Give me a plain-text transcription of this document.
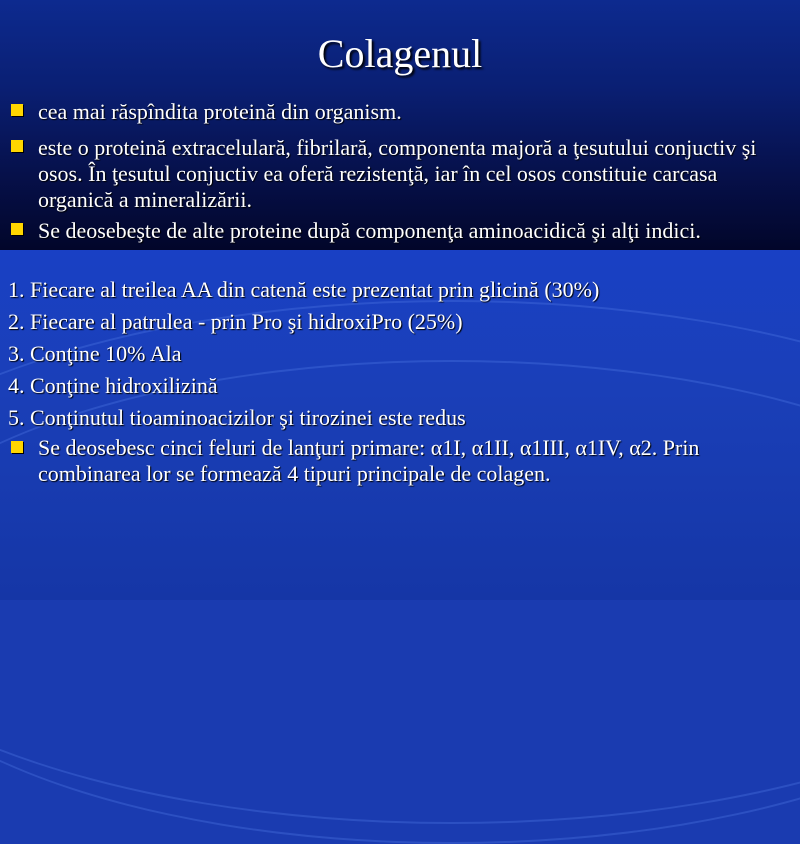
Colagenul
cea mai răspîndita proteină din organism.
este o proteină extracelulară, fibrilară, componenta majoră a ţesutului conjuctiv şi osos. În ţesutul conjuctiv ea oferă rezistenţă, iar în cel osos constituie carcasa organică a mineralizării.
Se deosebeşte de alte proteine după componenţa aminoacidică şi alţi indici.
1. Fiecare al treilea AA din catenă este prezentat prin glicină (30%)
2. Fiecare al patrulea - prin Pro şi hidroxiPro (25%)
3. Conţine 10% Ala
4. Conţine hidroxilizină
5. Conţinutul tioaminoacizilor şi tirozinei este redus
Se deosebesc cinci feluri de lanţuri primare: α1I, α1II, α1III, α1IV, α2. Prin combinarea lor se formează 4 tipuri principale de colagen.
